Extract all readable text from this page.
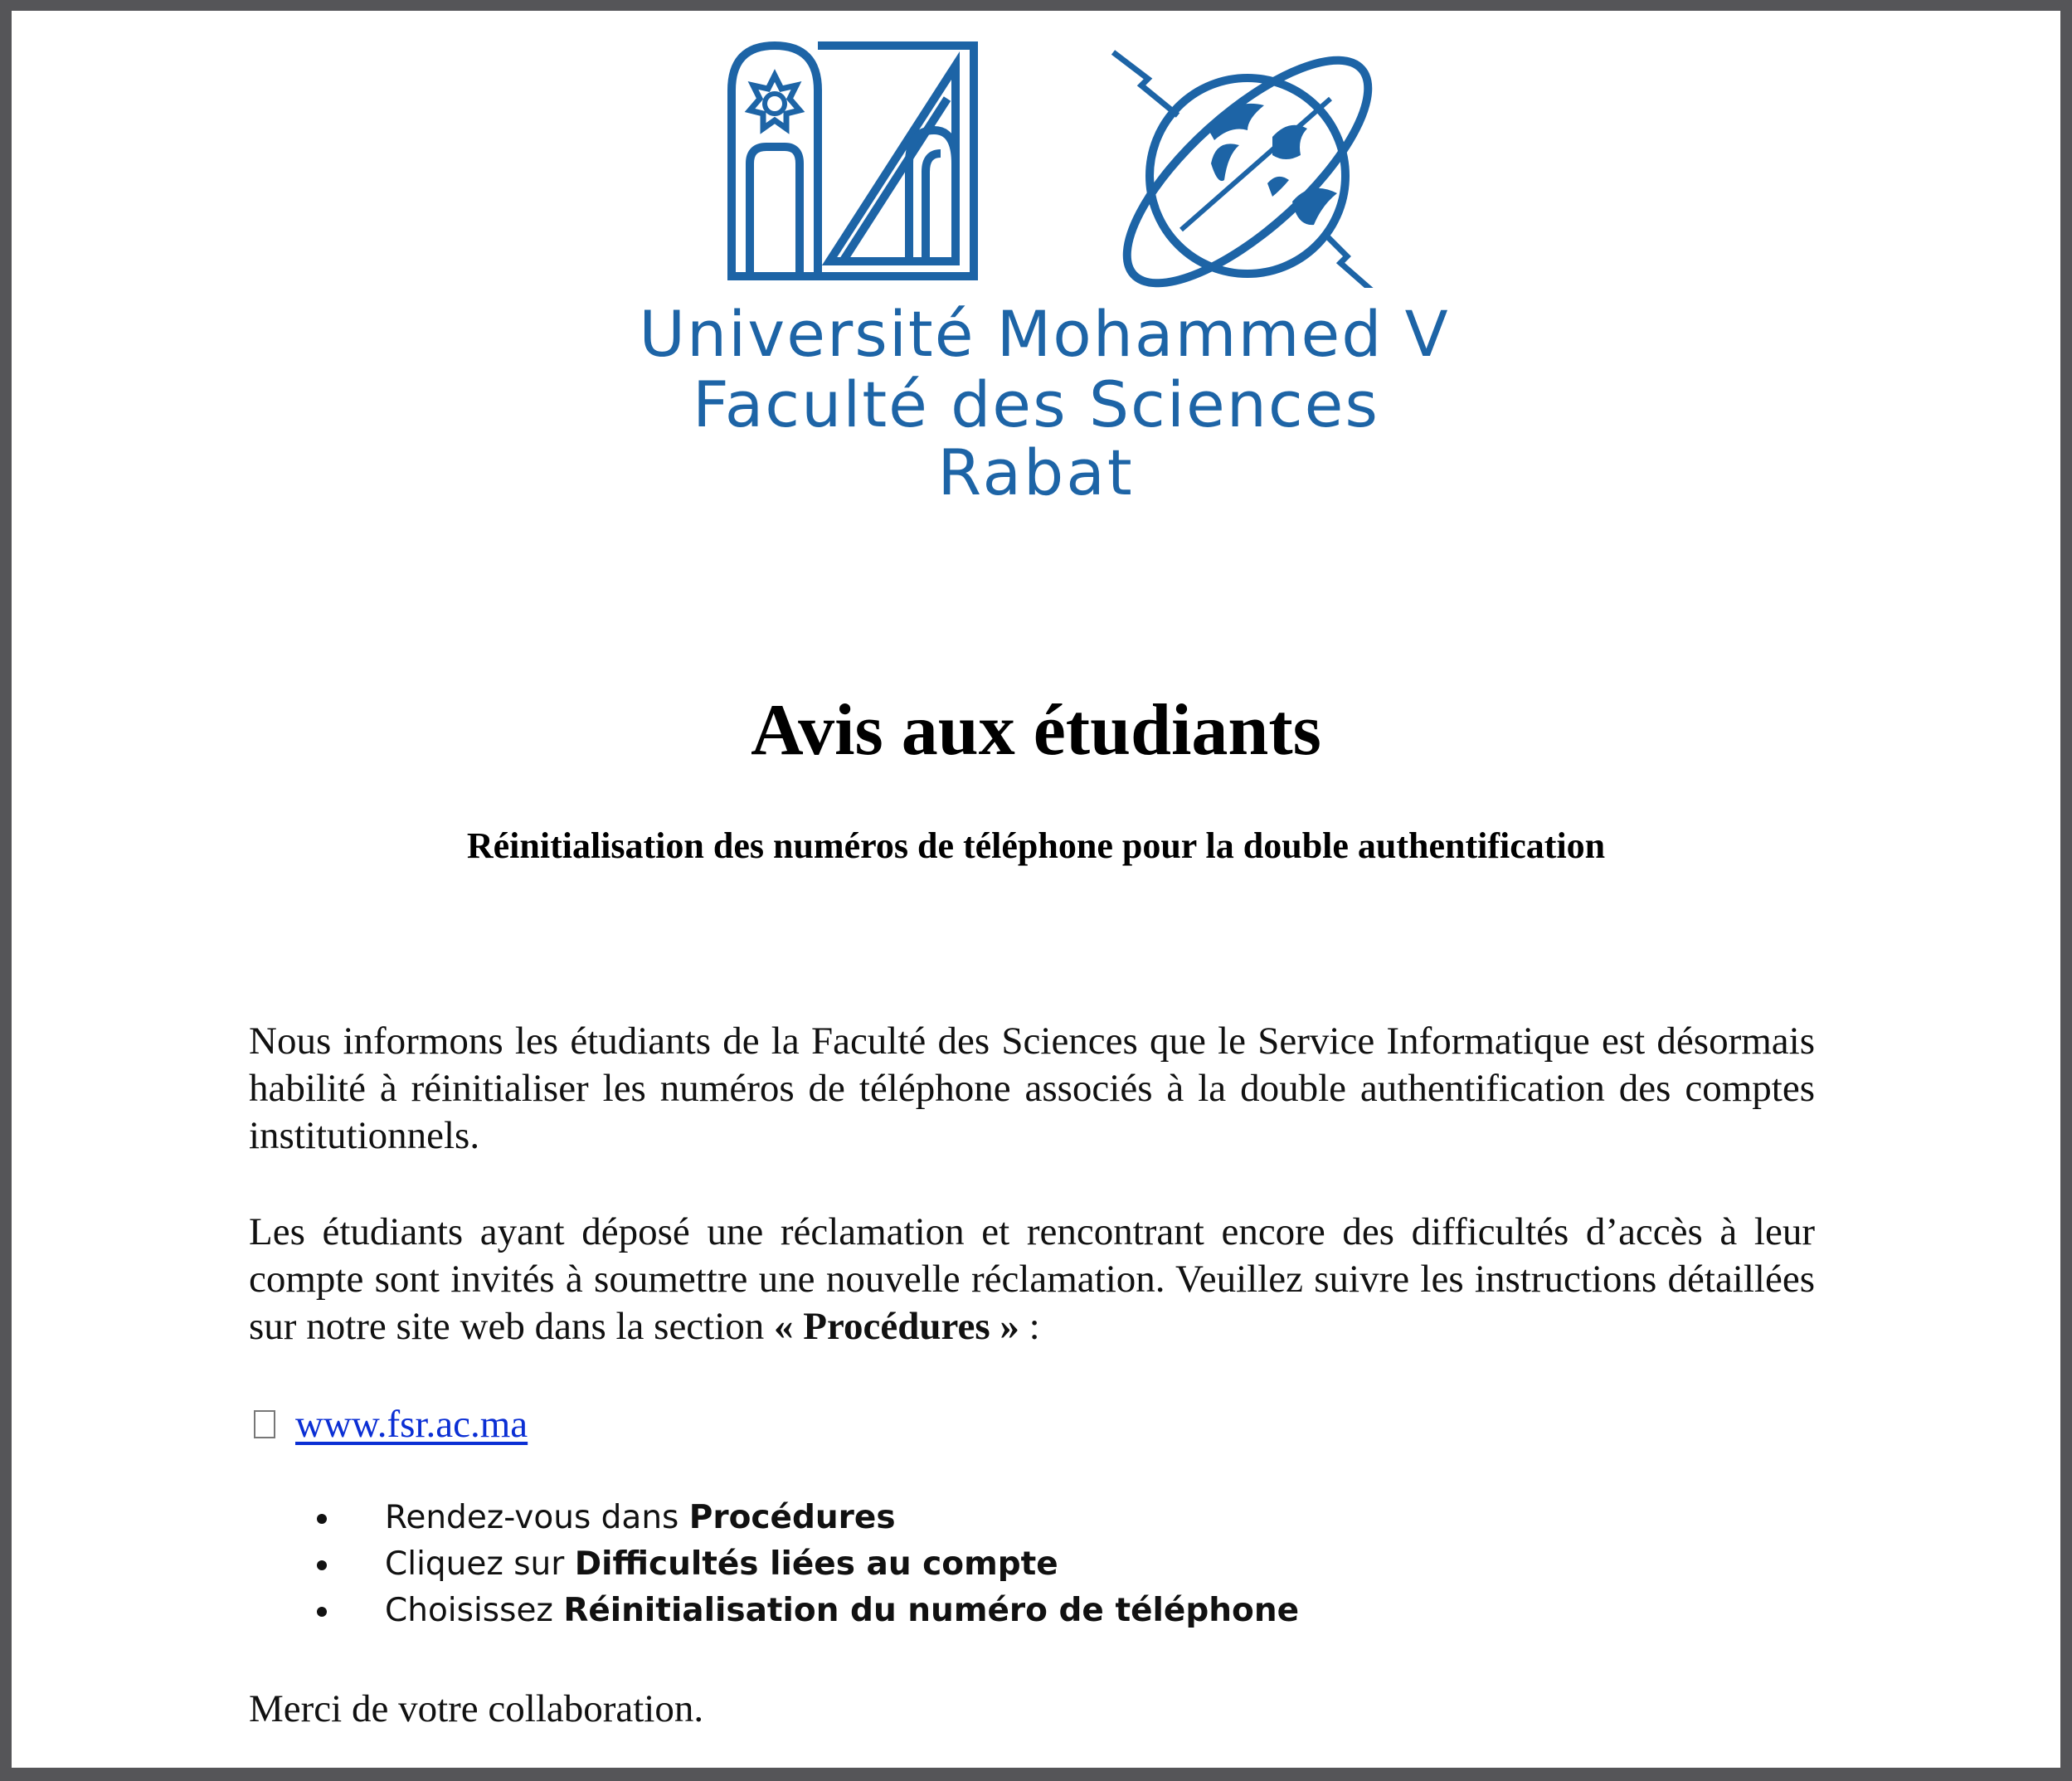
Université Mohammed V
Faculté des Sciences
Rabat
Avis aux étudiants
Réinitialisation des numéros de téléphone pour la double authentification
Nous informons les étudiants de la Faculté des Sciences que le Service Informatique est désormais habilité à réinitialiser les numéros de téléphone associés à la double authentification des comptes institutionnels.
Les étudiants ayant déposé une réclamation et rencontrant encore des difficultés d’accès à leur compte sont invités à soumettre une nouvelle réclamation. Veuillez suivre les instructions détaillées sur notre site web dans la section « Procédures » :
www.fsr.ac.ma
Rendez-vous dans Procédures
Cliquez sur Difficultés liées au compte
Choisissez Réinitialisation du numéro de téléphone
Merci de votre collaboration.
